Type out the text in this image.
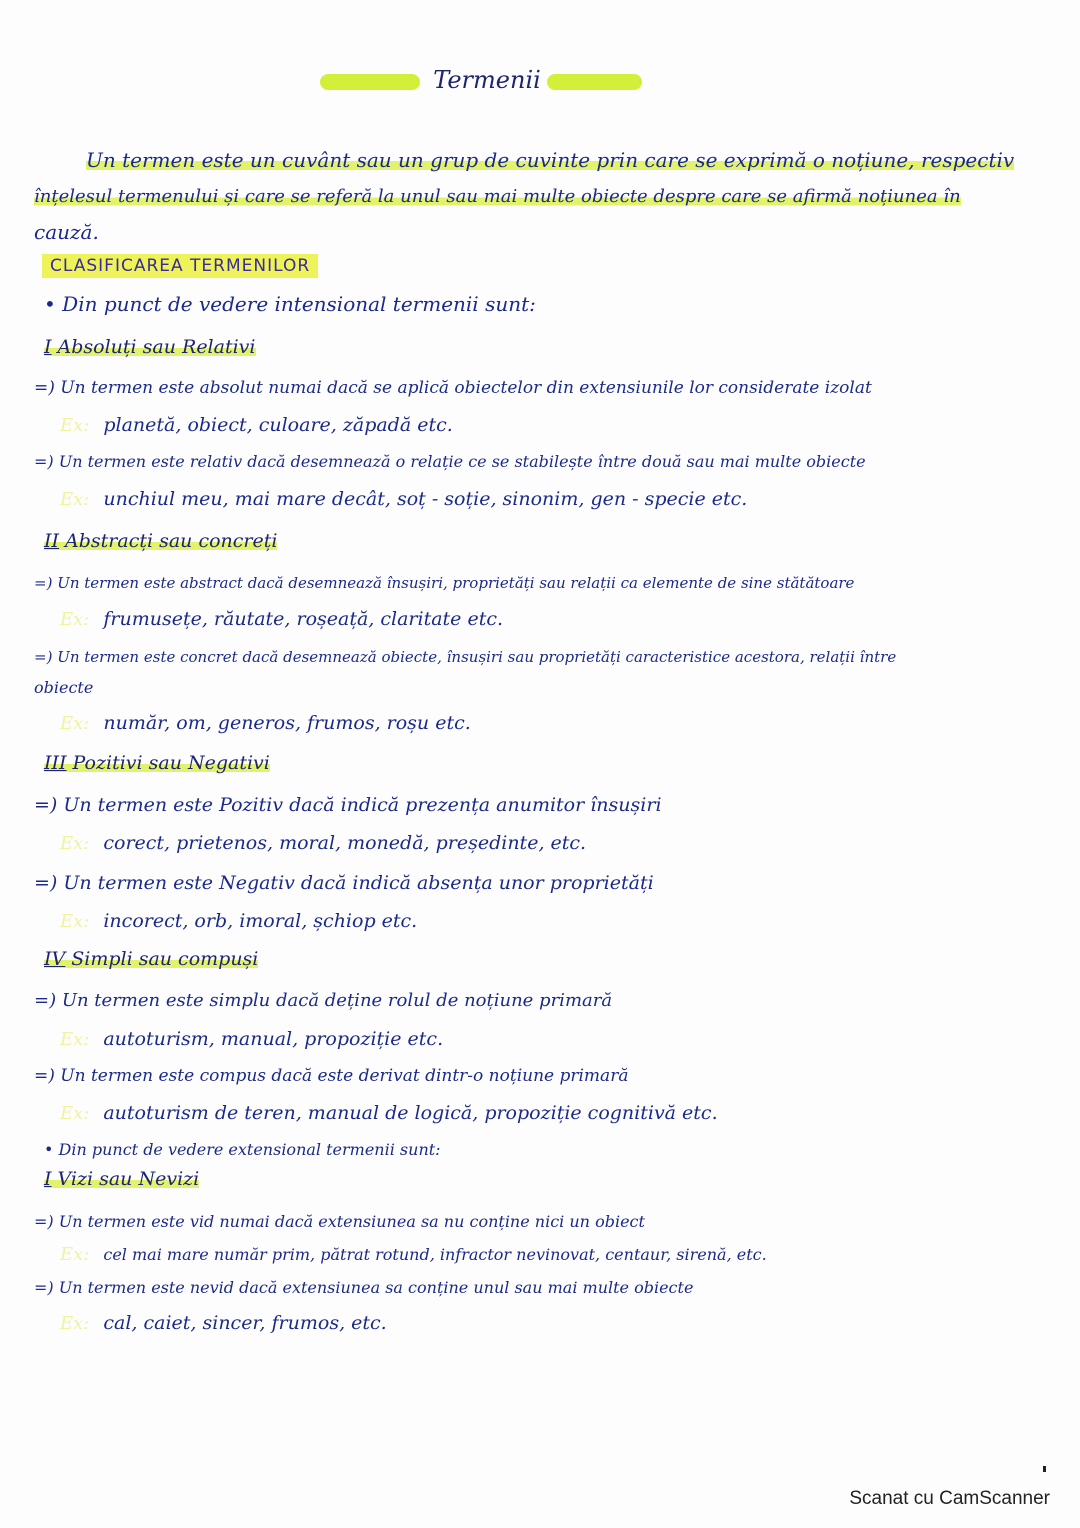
Termenii
Un termen este un cuvânt sau un grup de cuvinte prin care se exprimă o noțiune, respectiv
înțelesul termenului și care se referă la unul sau mai multe obiecte despre care se afirmă noțiunea în
cauză.
CLASIFICAREA TERMENILOR
• Din punct de vedere intensional termenii sunt:
I Absoluți sau Relativi
=) Un termen este absolut numai dacă se aplică obiectelor din extensiunile lor considerate izolat
Ex: planetă, obiect, culoare, zăpadă etc.
=) Un termen este relativ dacă desemnează o relație ce se stabilește între două sau mai multe obiecte
Ex: unchiul meu, mai mare decât, soț - soție, sinonim, gen - specie etc.
II Abstracți sau concreți
=) Un termen este abstract dacă desemnează însușiri, proprietăți sau relații ca elemente de sine stătătoare
Ex: frumusețe, răutate, roșeață, claritate etc.
=) Un termen este concret dacă desemnează obiecte, însușiri sau proprietăți caracteristice acestora, relații între
obiecte
Ex: număr, om, generos, frumos, roșu etc.
III Pozitivi sau Negativi
=) Un termen este Pozitiv dacă indică prezența anumitor însușiri
Ex: corect, prietenos, moral, monedă, președinte, etc.
=) Un termen este Negativ dacă indică absența unor proprietăți
Ex: incorect, orb, imoral, șchiop etc.
IV Simpli sau compuși
=) Un termen este simplu dacă deține rolul de noțiune primară
Ex: autoturism, manual, propoziție etc.
=) Un termen este compus dacă este derivat dintr-o noțiune primară
Ex: autoturism de teren, manual de logică, propoziție cognitivă etc.
• Din punct de vedere extensional termenii sunt:
I Vizi sau Nevizi
=) Un termen este vid numai dacă extensiunea sa nu conține nici un obiect
Ex: cel mai mare număr prim, pătrat rotund, infractor nevinovat, centaur, sirenă, etc.
=) Un termen este nevid dacă extensiunea sa conține unul sau mai multe obiecte
Ex: cal, caiet, sincer, frumos, etc.
Scanat cu CamScanner
